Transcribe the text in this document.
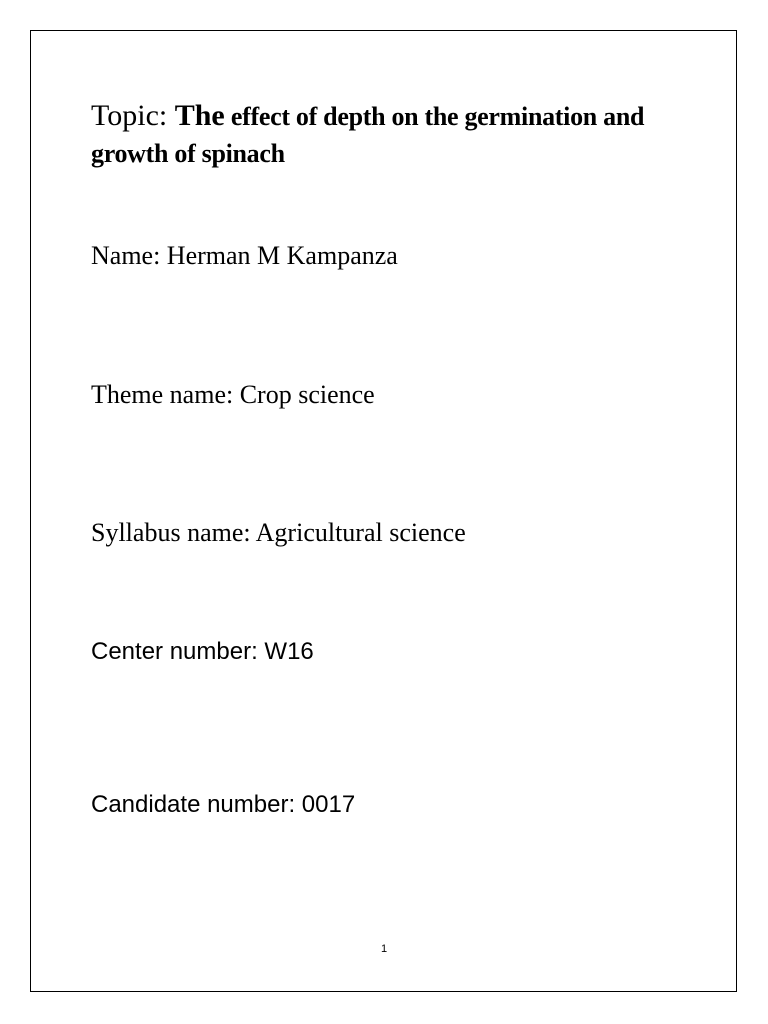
Topic: The effect of depth on the germination and growth of spinach
Name: Herman M Kampanza
Theme name: Crop science
Syllabus name: Agricultural science
Center number: W16
Candidate number: 0017
1
